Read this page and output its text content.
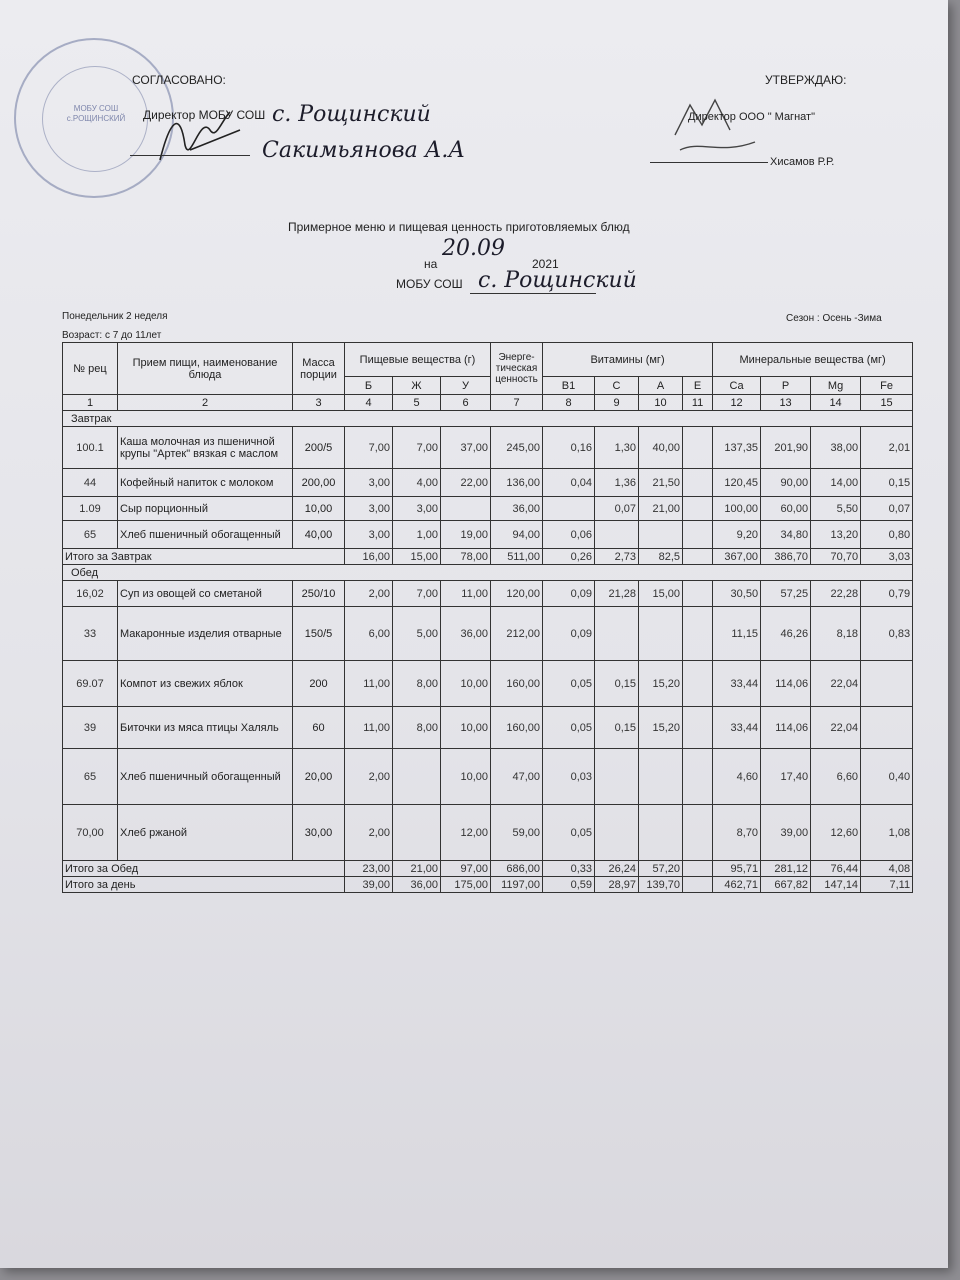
МОБУ СОШ с.РОЩИНСКИЙ
СОГЛАСОВАНО:
Директор МОБУ СОШ с. Рощинский
Сакимьянова А.А
УТВЕРЖДАЮ:
Директор ООО " Магнат"
Хисамов Р.Р.
Примерное меню и пищевая ценность приготовляемых блюд
на
20.09
2021
МОБУ СОШ с. Рощинский
Понедельник 2 неделя
Возраст: с 7 до 11лет
Сезон : Осень -Зима
№ рец	Прием пищи, наименование блюда	Масса порции	Пищевые вещества (г)			Энерге-тическая ценность	Витамины (мг)				Минеральные вещества (мг)			
			Б	Ж	У		В1	С	А	Е	Ca	P	Mg	Fe
1	2	3	4	5	6	7	8	9	10	11	12	13	14	15
Завтрак														
100.1	Каша молочная из пшеничной крупы "Артек" вязкая с маслом	200/5	7,00	7,00	37,00	245,00	0,16	1,30	40,00		137,35	201,90	38,00	2,01
44	Кофейный напиток с молоком	200,00	3,00	4,00	22,00	136,00	0,04	1,36	21,50		120,45	90,00	14,00	0,15
1.09	Сыр порционный	10,00	3,00	3,00		36,00		0,07	21,00		100,00	60,00	5,50	0,07
65	Хлеб пшеничный обогащенный	40,00	3,00	1,00	19,00	94,00	0,06				9,20	34,80	13,20	0,80
Итого за Завтрак			16,00	15,00	78,00	511,00	0,26	2,73	82,5		367,00	386,70	70,70	3,03
Обед														
16,02	Суп из овощей со сметаной	250/10	2,00	7,00	11,00	120,00	0,09	21,28	15,00		30,50	57,25	22,28	0,79
33	Макаронные изделия отварные	150/5	6,00	5,00	36,00	212,00	0,09				11,15	46,26	8,18	0,83
69.07	Компот из свежих яблок	200	11,00	8,00	10,00	160,00	0,05	0,15	15,20		33,44	114,06	22,04	
39	Биточки из мяса птицы Халяль	60	11,00	8,00	10,00	160,00	0,05	0,15	15,20		33,44	114,06	22,04	
65	Хлеб пшеничный обогащенный	20,00	2,00		10,00	47,00	0,03				4,60	17,40	6,60	0,40
70,00	Хлеб ржаной	30,00	2,00		12,00	59,00	0,05				8,70	39,00	12,60	1,08
Итого за Обед			23,00	21,00	97,00	686,00	0,33	26,24	57,20		95,71	281,12	76,44	4,08
Итого за день			39,00	36,00	175,00	1197,00	0,59	28,97	139,70		462,71	667,82	147,14	7,11
